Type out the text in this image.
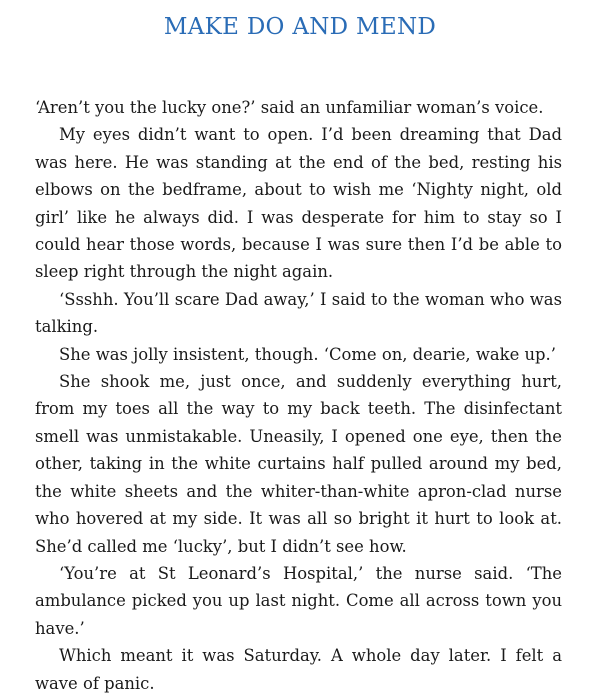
MAKE DO AND MEND

‘Aren’t you the lucky one?’ said an unfamiliar woman’s voice.

My eyes didn’t want to open. I’d been dreaming that Dad was here. He was standing at the end of the bed, resting his elbows on the bedframe, about to wish me ‘Nighty night, old girl’ like he always did. I was desperate for him to stay so I could hear those words, because I was sure then I’d be able to sleep right through the night again.

‘Ssshh. You’ll scare Dad away,’ I said to the woman who was talking.

She was jolly insistent, though. ‘Come on, dearie, wake up.’

She shook me, just once, and suddenly everything hurt, from my toes all the way to my back teeth. The disinfectant smell was unmistakable. Uneasily, I opened one eye, then the other, taking in the white curtains half pulled around my bed, the white sheets and the whiter-than-white apron-clad nurse who hovered at my side. It was all so bright it hurt to look at. She’d called me ‘lucky’, but I didn’t see how.

‘You’re at St Leonard’s Hospital,’ the nurse said. ‘The ambulance picked you up last night. Come all across town you have.’

Which meant it was Saturday. A whole day later. I felt a wave of panic.
